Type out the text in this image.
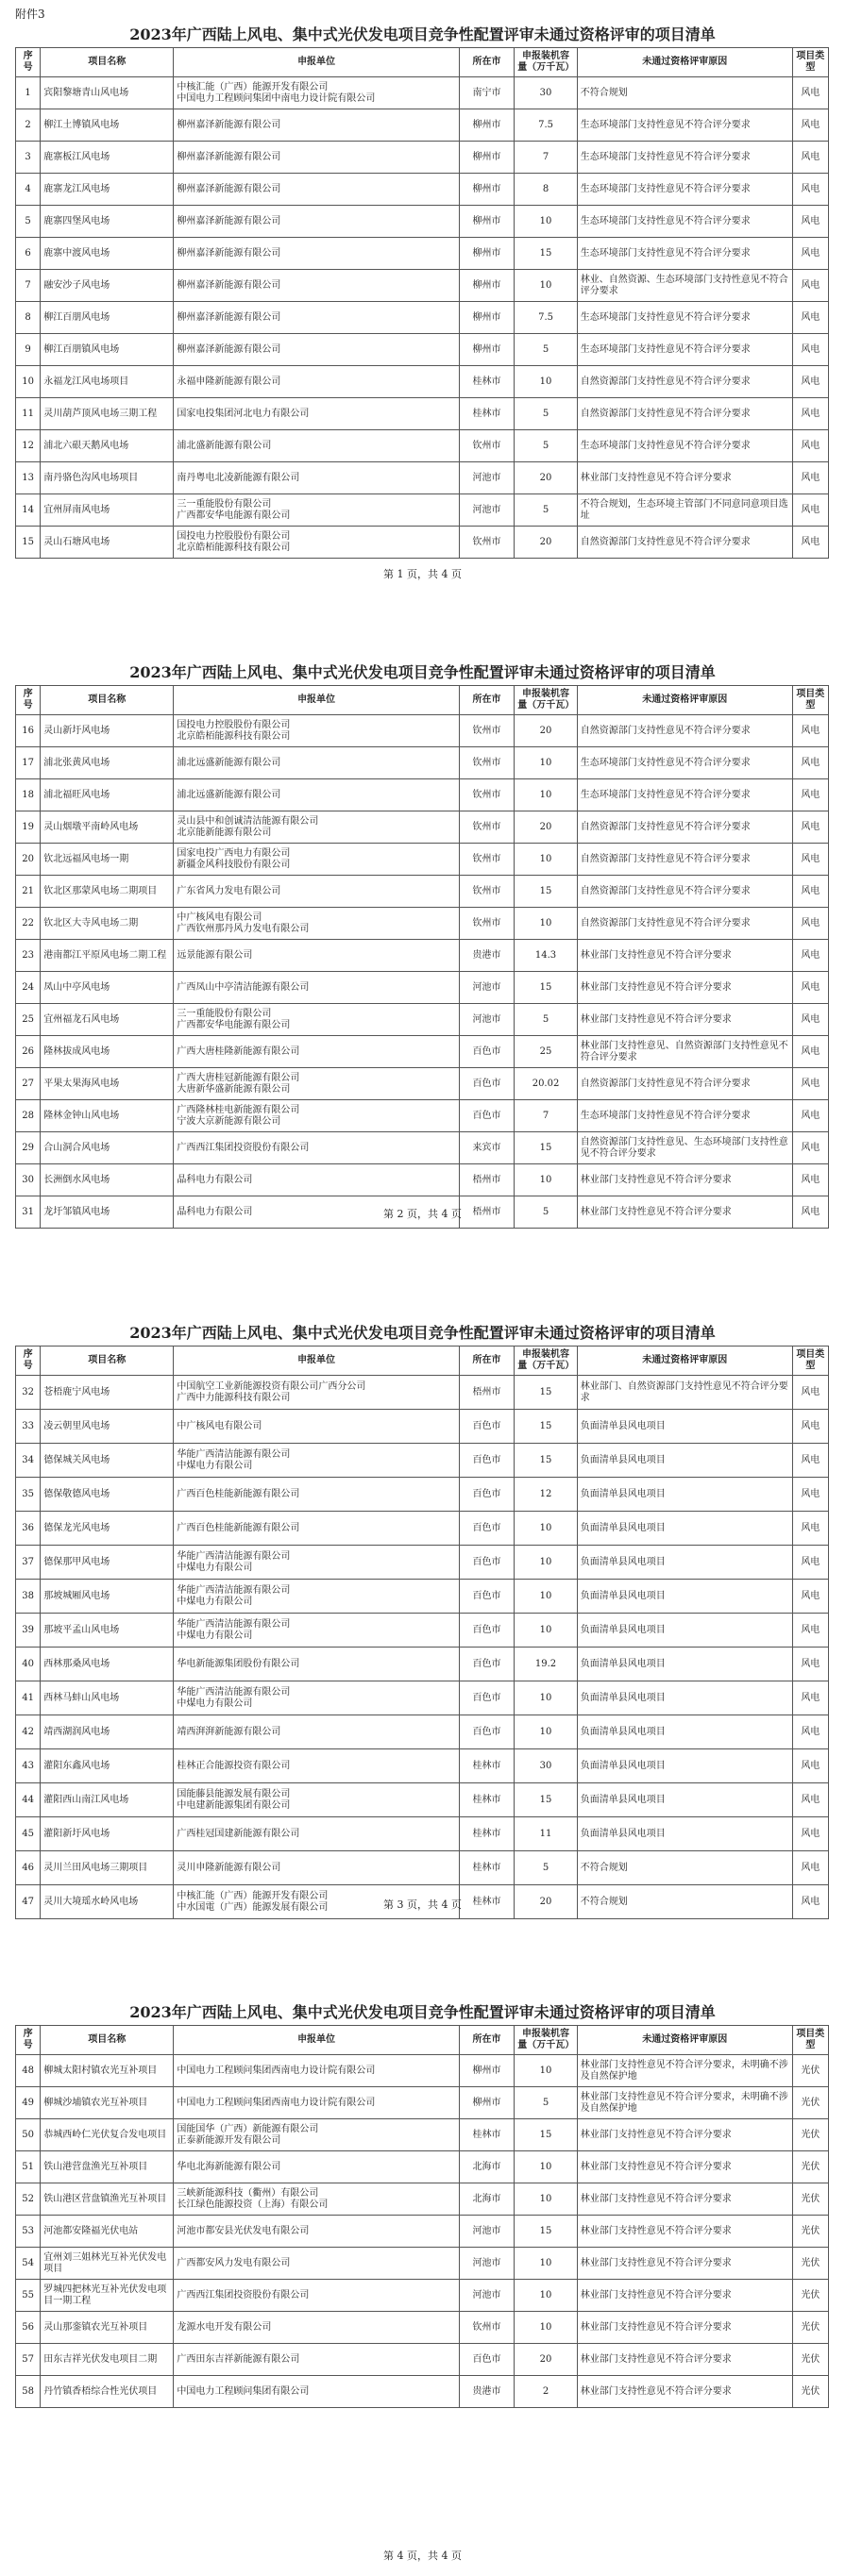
附件3
2023年广西陆上风电、集中式光伏发电项目竞争性配置评审未通过资格评审的项目清单
序号	项目名称	申报单位	所在市	申报装机容量（万千瓦）	未通过资格评审原因	项目类型
1	宾阳黎塘青山风电场	中核汇能（广西）能源开发有限公司
中国电力工程顾问集团中南电力设计院有限公司	南宁市	30	不符合规划	风电
2	柳江土博镇风电场	柳州嘉泽新能源有限公司	柳州市	7.5	生态环境部门支持性意见不符合评分要求	风电
3	鹿寨板江风电场	柳州嘉泽新能源有限公司	柳州市	7	生态环境部门支持性意见不符合评分要求	风电
4	鹿寨龙江风电场	柳州嘉泽新能源有限公司	柳州市	8	生态环境部门支持性意见不符合评分要求	风电
5	鹿寨四堡风电场	柳州嘉泽新能源有限公司	柳州市	10	生态环境部门支持性意见不符合评分要求	风电
6	鹿寨中渡风电场	柳州嘉泽新能源有限公司	柳州市	15	生态环境部门支持性意见不符合评分要求	风电
7	融安沙子风电场	柳州嘉泽新能源有限公司	柳州市	10	林业、自然资源、生态环境部门支持性意见不符合评分要求	风电
8	柳江百朋风电场	柳州嘉泽新能源有限公司	柳州市	7.5	生态环境部门支持性意见不符合评分要求	风电
9	柳江百朋镇风电场	柳州嘉泽新能源有限公司	柳州市	5	生态环境部门支持性意见不符合评分要求	风电
10	永福龙江风电场项目	永福申隆新能源有限公司	桂林市	10	自然资源部门支持性意见不符合评分要求	风电
11	灵川葫芦顶风电场三期工程	国家电投集团河北电力有限公司	桂林市	5	自然资源部门支持性意见不符合评分要求	风电
12	浦北六硍天鹅风电场	浦北盛新能源有限公司	钦州市	5	生态环境部门支持性意见不符合评分要求	风电
13	南丹骆色沟风电场项目	南丹粤电北凌新能源有限公司	河池市	20	林业部门支持性意见不符合评分要求	风电
14	宜州屏南风电场	三一重能股份有限公司
广西都安华电能源有限公司	河池市	5	不符合规划，生态环境主管部门不同意同意项目选址	风电
15	灵山石塘风电场	国投电力控股股份有限公司
北京皓栢能源科技有限公司	钦州市	20	自然资源部门支持性意见不符合评分要求	风电
第 1 页，共 4 页
2023年广西陆上风电、集中式光伏发电项目竞争性配置评审未通过资格评审的项目清单
序号	项目名称	申报单位	所在市	申报装机容量（万千瓦）	未通过资格评审原因	项目类型
16	灵山新圩风电场	国投电力控股股份有限公司
北京皓栢能源科技有限公司	钦州市	20	自然资源部门支持性意见不符合评分要求	风电
17	浦北张黄风电场	浦北远盛新能源有限公司	钦州市	10	生态环境部门支持性意见不符合评分要求	风电
18	浦北福旺风电场	浦北远盛新能源有限公司	钦州市	10	生态环境部门支持性意见不符合评分要求	风电
19	灵山烟墩平南岭风电场	灵山县中和创诚清洁能源有限公司
北京能新能源有限公司	钦州市	20	自然资源部门支持性意见不符合评分要求	风电
20	钦北远福风电场一期	国家电投广西电力有限公司
新疆金风科技股份有限公司	钦州市	10	自然资源部门支持性意见不符合评分要求	风电
21	钦北区那蒙风电场二期项目	广东省风力发电有限公司	钦州市	15	自然资源部门支持性意见不符合评分要求	风电
22	钦北区大寺风电场二期	中广核风电有限公司
广西钦州那丹风力发电有限公司	钦州市	10	自然资源部门支持性意见不符合评分要求	风电
23	港南都江平原风电场二期工程	远景能源有限公司	贵港市	14.3	林业部门支持性意见不符合评分要求	风电
24	凤山中亭风电场	广西凤山中亭清洁能源有限公司	河池市	15	林业部门支持性意见不符合评分要求	风电
25	宜州福龙石风电场	三一重能股份有限公司
广西都安华电能源有限公司	河池市	5	林业部门支持性意见不符合评分要求	风电
26	隆林拔成风电场	广西大唐桂隆新能源有限公司	百色市	25	林业部门支持性意见、自然资源部门支持性意见不符合评分要求	风电
27	平果太果海风电场	广西大唐桂冠新能源有限公司
大唐新华盛新能源有限公司	百色市	20.02	自然资源部门支持性意见不符合评分要求	风电
28	隆林金钟山风电场	广西隆林桂电新能源有限公司
宁波大京新能源有限公司	百色市	7	生态环境部门支持性意见不符合评分要求	风电
29	合山洞合风电场	广西西江集团投资股份有限公司	来宾市	15	自然资源部门支持性意见、生态环境部门支持性意见不符合评分要求	风电
30	长洲倒水风电场	晶科电力有限公司	梧州市	10	林业部门支持性意见不符合评分要求	风电
31	龙圩邹镇风电场	晶科电力有限公司	梧州市	5	林业部门支持性意见不符合评分要求	风电
第 2 页，共 4 页
2023年广西陆上风电、集中式光伏发电项目竞争性配置评审未通过资格评审的项目清单
序号	项目名称	申报单位	所在市	申报装机容量（万千瓦）	未通过资格评审原因	项目类型
32	苍梧鹿宁风电场	中国航空工业新能源投资有限公司广西分公司
广西中力能源科技有限公司	梧州市	15	林业部门、自然资源部门支持性意见不符合评分要求	风电
33	凌云朝里风电场	中广核风电有限公司	百色市	15	负面清单县风电项目	风电
34	德保城关风电场	华能广西清洁能源有限公司
中煤电力有限公司	百色市	15	负面清单县风电项目	风电
35	德保敬德风电场	广西百色桂能新能源有限公司	百色市	12	负面清单县风电项目	风电
36	德保龙光风电场	广西百色桂能新能源有限公司	百色市	10	负面清单县风电项目	风电
37	德保那甲风电场	华能广西清洁能源有限公司
中煤电力有限公司	百色市	10	负面清单县风电项目	风电
38	那坡城厢风电场	华能广西清洁能源有限公司
中煤电力有限公司	百色市	10	负面清单县风电项目	风电
39	那坡平孟山风电场	华能广西清洁能源有限公司
中煤电力有限公司	百色市	10	负面清单县风电项目	风电
40	西林那桑风电场	华电新能源集团股份有限公司	百色市	19.2	负面清单县风电项目	风电
41	西林马蚌山风电场	华能广西清洁能源有限公司
中煤电力有限公司	百色市	10	负面清单县风电项目	风电
42	靖西湖润风电场	靖西湃湃新能源有限公司	百色市	10	负面清单县风电项目	风电
43	灌阳东鑫风电场	桂林正合能源投资有限公司	桂林市	30	负面清单县风电项目	风电
44	灌阳西山南江风电场	国能藤县能源发展有限公司
中电建新能源集团有限公司	桂林市	15	负面清单县风电项目	风电
45	灌阳新圩风电场	广西桂冠国建新能源有限公司	桂林市	11	负面清单县风电项目	风电
46	灵川兰田风电场三期项目	灵川申隆新能源有限公司	桂林市	5	不符合规划	风电
47	灵川大境瑶水岭风电场	中核汇能（广西）能源开发有限公司
中水国電（广西）能源发展有限公司	桂林市	20	不符合规划	风电
第 3 页，共 4 页
2023年广西陆上风电、集中式光伏发电项目竞争性配置评审未通过资格评审的项目清单
序号	项目名称	申报单位	所在市	申报装机容量（万千瓦）	未通过资格评审原因	项目类型
48	柳城太阳村镇农光互补项目	中国电力工程顾问集团西南电力设计院有限公司	柳州市	10	林业部门支持性意见不符合评分要求，未明确不涉及自然保护地	光伏
49	柳城沙埔镇农光互补项目	中国电力工程顾问集团西南电力设计院有限公司	柳州市	5	林业部门支持性意见不符合评分要求，未明确不涉及自然保护地	光伏
50	恭城西岭仁光伏复合发电项目	国能国华（广西）新能源有限公司
正泰新能源开发有限公司	桂林市	15	林业部门支持性意见不符合评分要求	光伏
51	铁山港营盘渔光互补项目	华电北海新能源有限公司	北海市	10	林业部门支持性意见不符合评分要求	光伏
52	铁山港区营盘镇渔光互补项目	三峡新能源科技（衢州）有限公司
长江绿色能源投资（上海）有限公司	北海市	10	林业部门支持性意见不符合评分要求	光伏
53	河池都安隆福光伏电站	河池市都安县光伏发电有限公司	河池市	15	林业部门支持性意见不符合评分要求	光伏
54	宜州刘三姐林光互补光伏发电项目	广西都安风力发电有限公司	河池市	10	林业部门支持性意见不符合评分要求	光伏
55	罗城四把林光互补光伏发电项目一期工程	广西西江集团投资股份有限公司	河池市	10	林业部门支持性意见不符合评分要求	光伏
56	灵山那銮镇农光互补项目	龙源水电开发有限公司	钦州市	10	林业部门支持性意见不符合评分要求	光伏
57	田东吉祥光伏发电项目二期	广西田东吉祥新能源有限公司	百色市	20	林业部门支持性意见不符合评分要求	光伏
58	丹竹镇香梧综合性光伏项目	中国电力工程顾问集团有限公司	贵港市	2	林业部门支持性意见不符合评分要求	光伏
第 4 页，共 4 页
